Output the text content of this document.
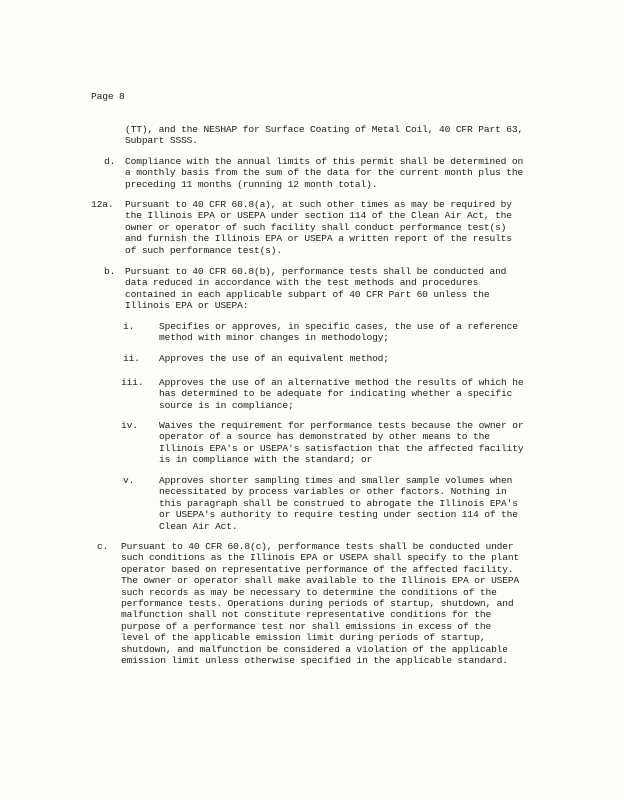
Page 8

(TT), and the NESHAP for Surface Coating of Metal Coil, 40 CFR Part 63,
Subpart SSSS.

d. Compliance with the annual limits of this permit shall be determined on
a monthly basis from the sum of the data for the current month plus the
preceding 11 months (running 12 month total).

12a. Pursuant to 40 CFR 60.8(a), at such other times as may be required by
the Illinois EPA or USEPA under section 114 of the Clean Air Act, the
owner or operator of such facility shall conduct performance test(s)
and furnish the Illinois EPA or USEPA a written report of the results
of such performance test(s).

b. Pursuant to 40 CFR 60.8(b), performance tests shall be conducted and
data reduced in accordance with the test methods and procedures
contained in each applicable subpart of 40 CFR Part 60 unless the
Illinois EPA or USEPA:

i.	Specifies or approves, in specific cases, the use of a reference
method with minor changes in methodology;

ii. Approves the use of an equivalent method;

iii. Approves the use of an alternative method the results of which he
has determined to be adequate for indicating whether a specific
source is in compliance;

iv. Waives the requirement for performance tests because the owner or
operator of a source has demonstrated by other means to the
Illinois EPA's or USEPA's satisfaction that the affected facility
is in compliance with the standard; or

v.	Approves shorter sampling times and smaller sample volumes when
necessitated by process variables or other factors. Nothing in
this paragraph shall be construed to abrogate the Illinois EPA's
or USEPA's authority to require testing under section 114 of the
Clean Air Act.

c. Pursuant to 40 CFR 60.8(c), performance tests shall be conducted under
such conditions as the Illinois EPA or USEPA shall specify to the plant
operator based on representative performance of the affected facility.
The owner or operator shall make available to the Illinois EPA or USEPA
such records as may be necessary to determine the conditions of the
performance tests. Operations during periods of startup, shutdown, and
malfunction shall not constitute representative conditions for the
purpose of a performance test nor shall emissions in excess of the
level of the applicable emission limit during periods of startup,
shutdown, and malfunction be considered a violation of the applicable
emission limit unless otherwise specified in the applicable standard.
